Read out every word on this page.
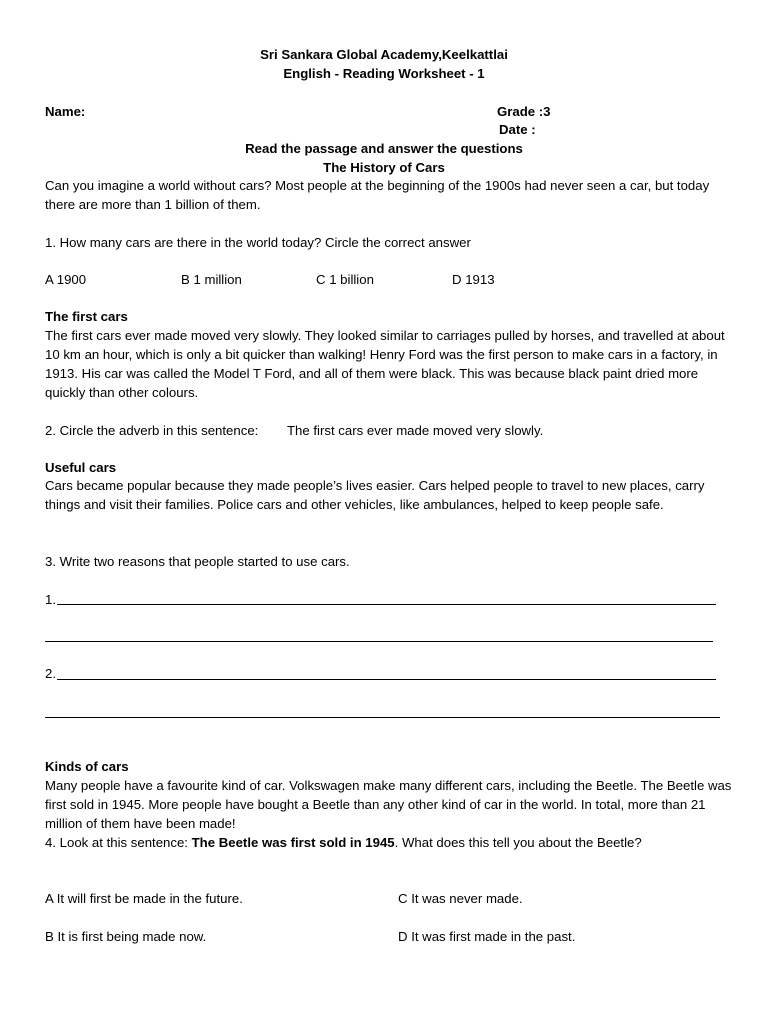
Sri Sankara Global Academy,Keelkattlai
English - Reading Worksheet - 1
Name:	Grade :3
Date :
Read the passage and answer the questions
The History of Cars
Can you imagine a world without cars? Most people at the beginning of the 1900s had never seen a car, but today there are more than 1 billion of them.
1. How many cars are there in the world today? Circle the correct answer
A 1900	B 1 million	C 1 billion	D 1913
The first cars
The first cars ever made moved very slowly. They looked similar to carriages pulled by horses, and travelled at about 10 km an hour, which is only a bit quicker than walking! Henry Ford was the first person to make cars in a factory, in 1913. His car was called the Model T Ford, and all of them were black. This was because black paint dried more quickly than other colours.
2. Circle the adverb in this sentence: The first cars ever made moved very slowly.
Useful cars
Cars became popular because they made people’s lives easier. Cars helped people to travel to new places, carry things and visit their families. Police cars and other vehicles, like ambulances, helped to keep people safe.
3. Write two reasons that people started to use cars.
1.
2.
Kinds of cars
Many people have a favourite kind of car. Volkswagen make many different cars, including the Beetle. The Beetle was first sold in 1945. More people have bought a Beetle than any other kind of car in the world. In total, more than 21 million of them have been made!
4. Look at this sentence: The Beetle was first sold in 1945. What does this tell you about the Beetle?
A It will first be made in the future.	C It was never made.
B It is first being made now.	D It was first made in the past.
